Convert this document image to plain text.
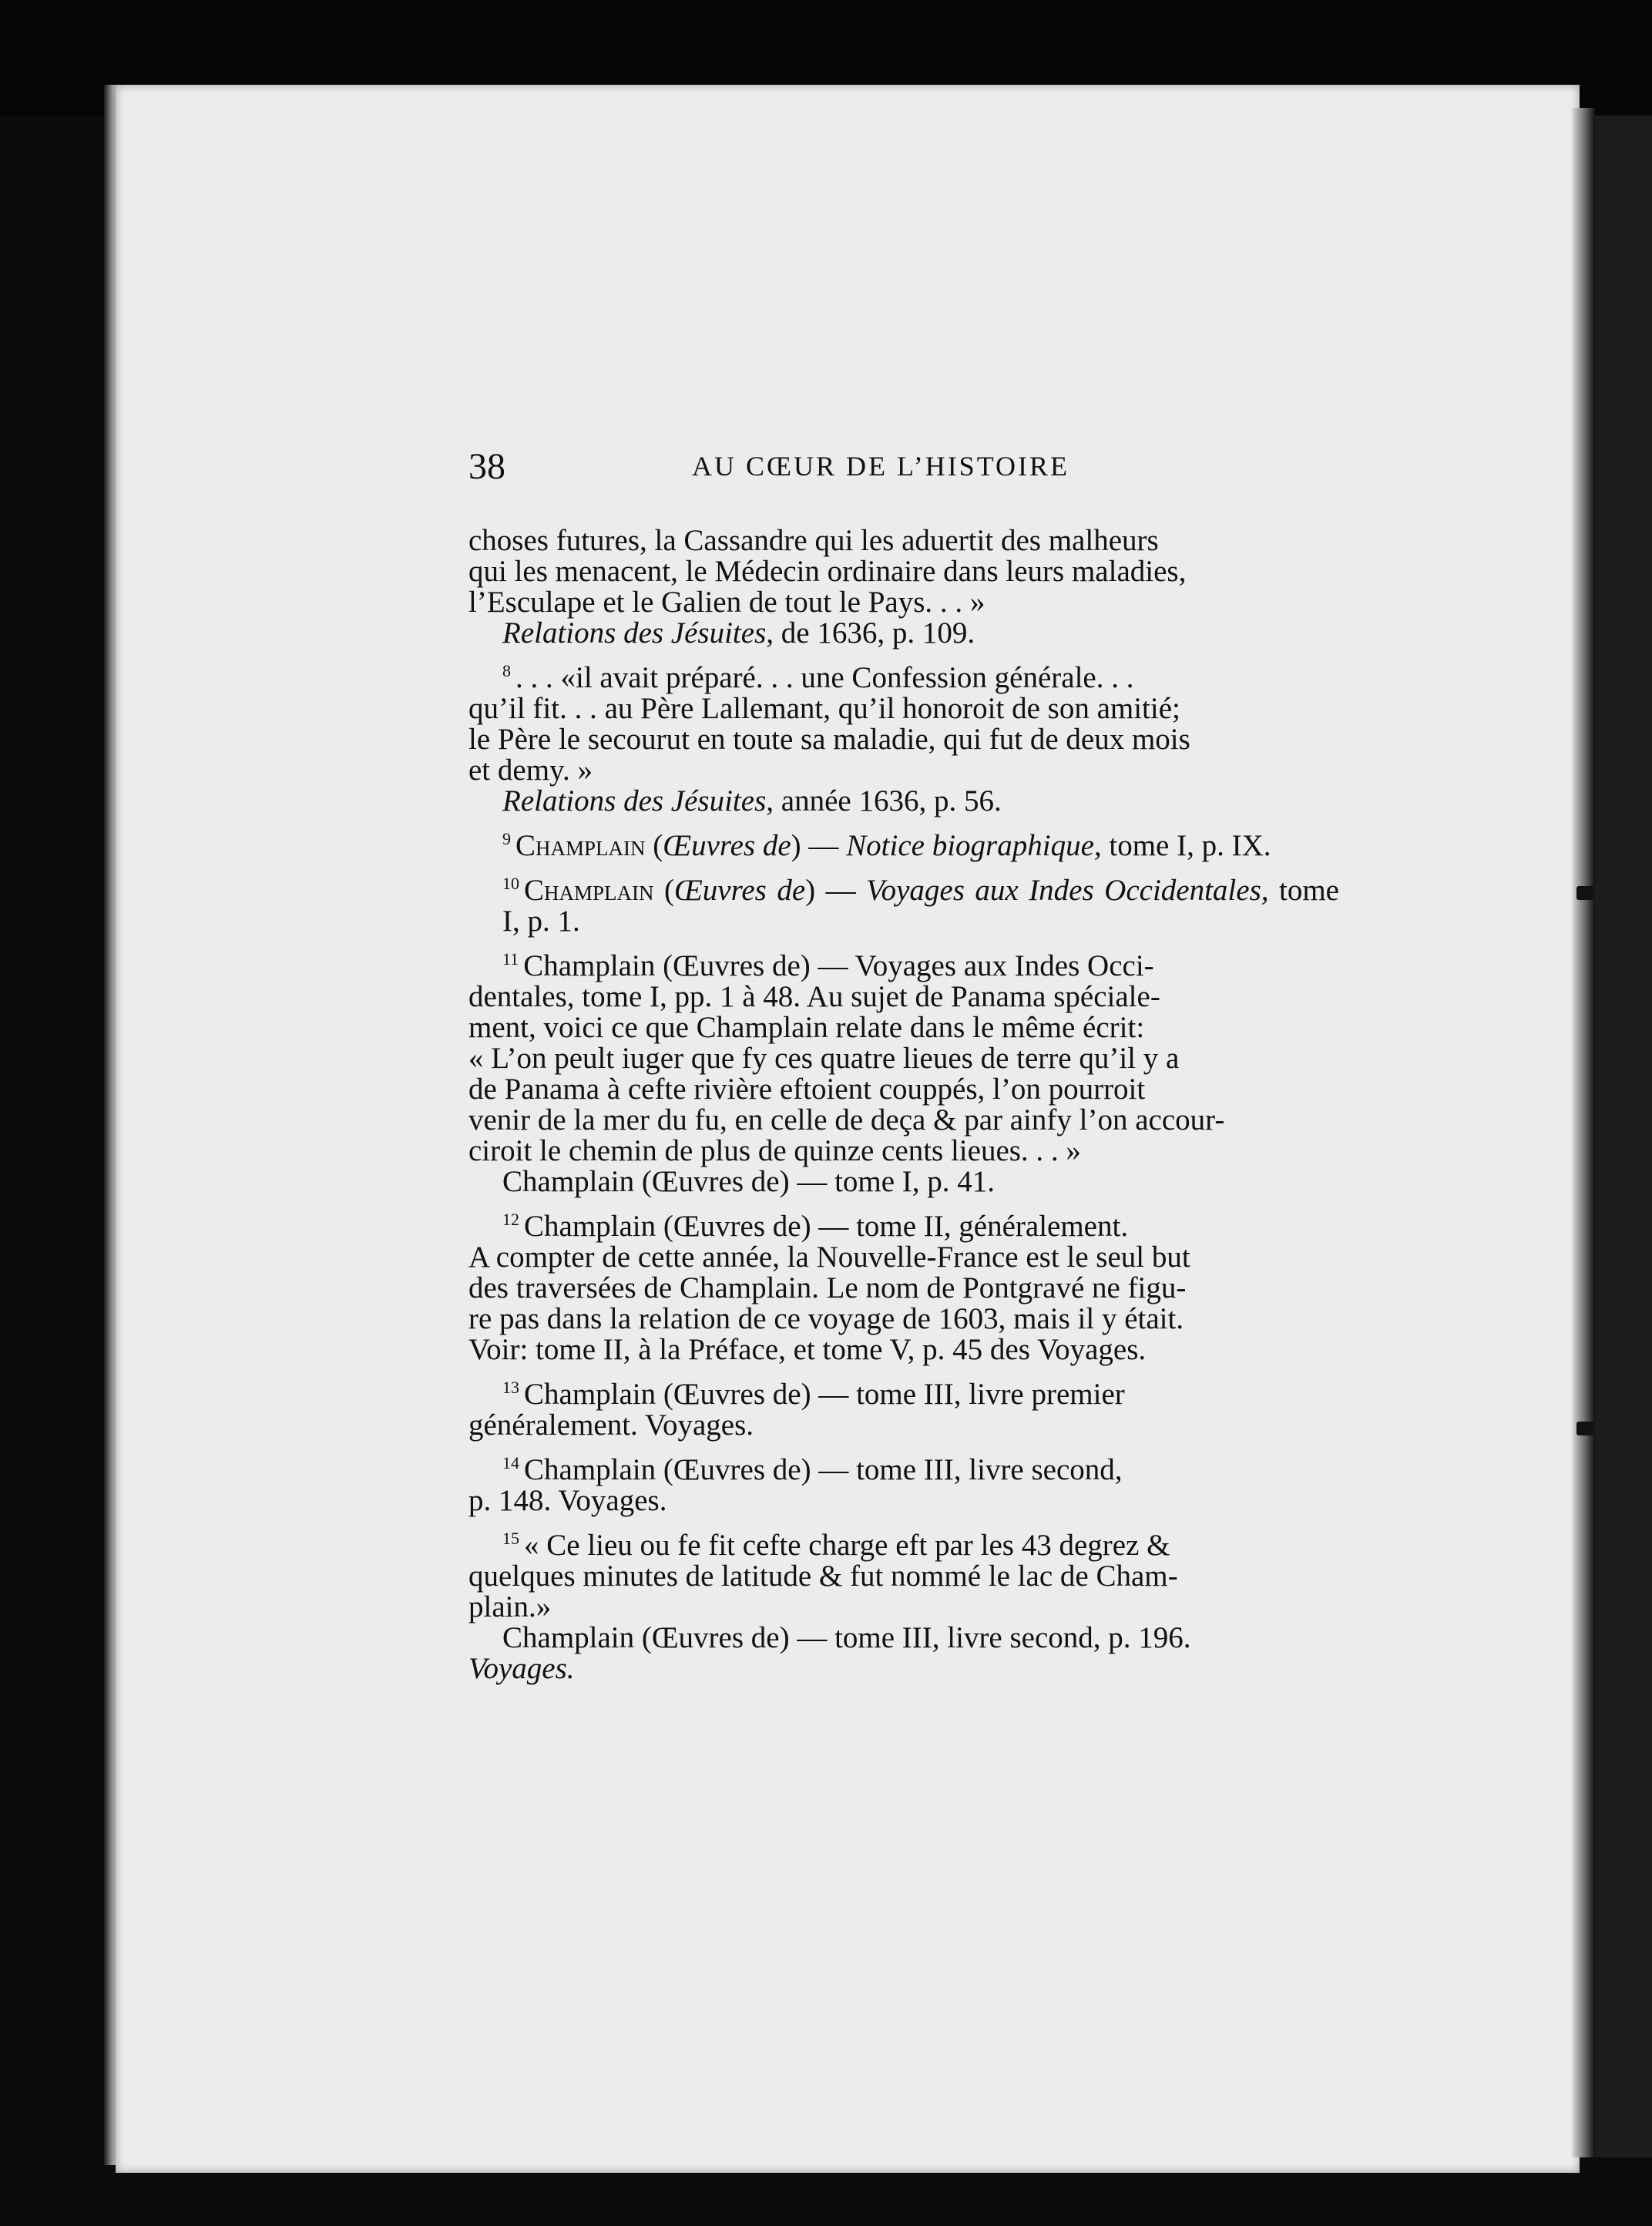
38	AU CŒUR DE L’HISTOIRE
choses futures, la Cassandre qui les aduertit des malheurs
qui les menacent, le Médecin ordinaire dans leurs maladies,
l’Esculape et le Galien de tout le Pays. . . »
Relations des Jésuites, de 1636, p. 109.
$^8$ . . . «il avait préparé. . . une Confession générale. . .
qu’il fit. . . au Père Lallemant, qu’il honoroit de son amitié;
le Père le secourut en toute sa maladie, qui fut de deux mois
et demy. »
Relations des Jésuites, année 1636, p. 56.
$^9$ Champlain (Œuvres de) — Notice biographique, tome I, p. IX.
$^{10}$ Champlain (Œuvres de) — Voyages aux Indes Occidentales, tome I, p. 1.
$^{11}$ Champlain (Œuvres de) — Voyages aux Indes Occi-
dentales, tome I, pp. 1 à 48. Au sujet de Panama spéciale-
ment, voici ce que Champlain relate dans le même écrit:
« L’on peult iuger que fy ces quatre lieues de terre qu’il y a
de Panama à cefte rivière eftoient couppés, l’on pourroit
venir de la mer du fu, en celle de deça & par ainfy l’on accour-
ciroit le chemin de plus de quinze cents lieues. . . »
Champlain (Œuvres de) — tome I, p. 41.
$^{12}$ Champlain (Œuvres de) — tome II, généralement.
A compter de cette année, la Nouvelle-France est le seul but
des traversées de Champlain. Le nom de Pontgravé ne figu-
re pas dans la relation de ce voyage de 1603, mais il y était.
Voir: tome II, à la Préface, et tome V, p. 45 des Voyages.
$^{13}$ Champlain (Œuvres de) — tome III, livre premier
généralement. Voyages.
$^{14}$ Champlain (Œuvres de) — tome III, livre second,
p. 148. Voyages.
$^{15}$ « Ce lieu ou fe fit cefte charge eft par les 43 degrez &
quelques minutes de latitude & fut nommé le lac de Cham-
plain.»
Champlain (Œuvres de) — tome III, livre second, p. 196.
Voyages.
